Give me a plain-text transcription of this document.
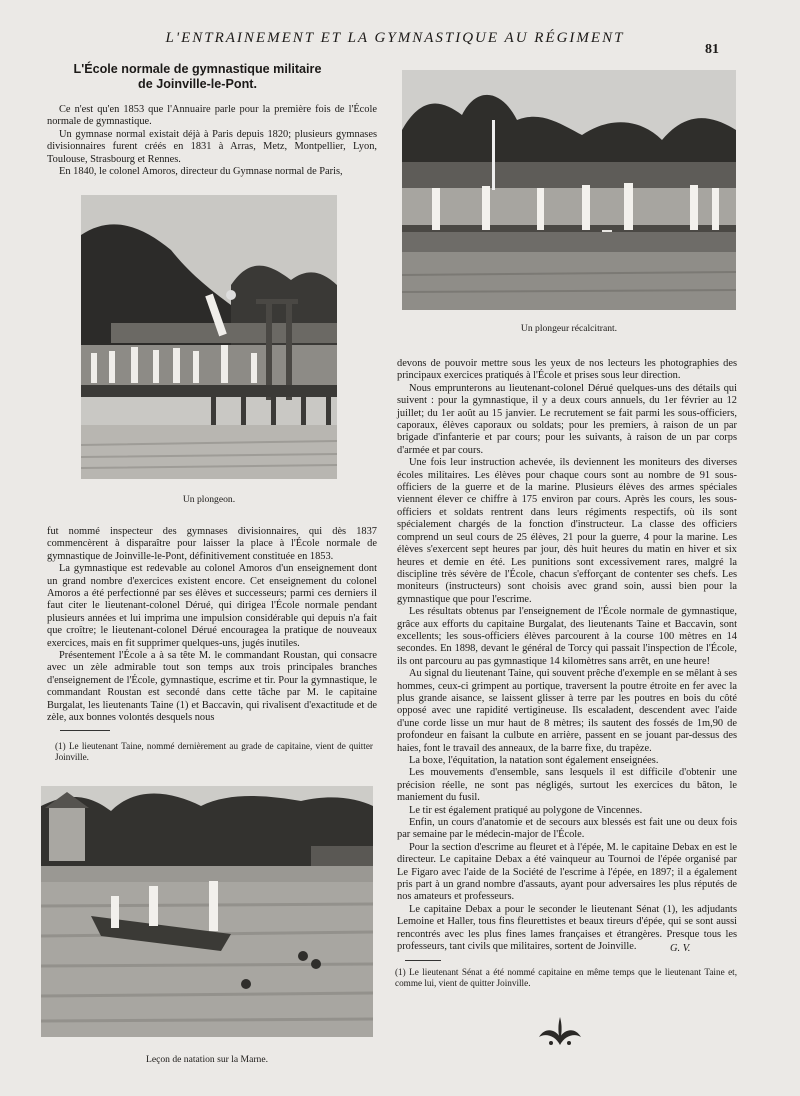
L'ENTRAINEMENT ET LA GYMNASTIQUE AU RÉGIMENT
81
L'École normale de gymnastique militaire
de Joinville-le-Pont.

Ce n'est qu'en 1853 que l'Annuaire parle pour la première fois de l'École normale de gymnastique.

Un gymnase normal existait déjà à Paris depuis 1820; plusieurs gymnases divisionnaires furent créés en 1831 à Arras, Metz, Montpellier, Lyon, Toulouse, Strasbourg et Rennes.

En 1840, le colonel Amoros, directeur du Gymnase normal de Paris,

Un plongeon.
Un plongeur récalcitrant.

fut nommé inspecteur des gymnases divisionnaires, qui dès 1837 commencèrent à disparaître pour laisser la place à l'École normale de gymnastique de Joinville-le-Pont, définitivement constituée en 1853.

La gymnastique est redevable au colonel Amoros d'un enseignement dont un grand nombre d'exercices existent encore. Cet enseignement du colonel Amoros a été perfectionné par ses élèves et successeurs; parmi ces derniers il faut citer le lieutenant-colonel Dérué, qui dirigea l'École normale pendant plusieurs années et lui imprima une impulsion considérable qui depuis n'a fait que croître; le lieutenant-colonel Dérué encouragea la pratique de nouveaux exercices, mais en fit supprimer quelques-uns, jugés inutiles.

Présentement l'École a à sa tête M. le commandant Roustan, qui consacre avec un zèle admirable tout son temps aux trois principales branches d'enseignement de l'École, gymnastique, escrime et tir. Pour la gymnastique, le commandant Roustan est secondé dans cette tâche par M. le capitaine Burgalat, les lieutenants Taine (1) et Baccavin, qui rivalisent d'exactitude et de zèle, aux bonnes volontés desquels nous

(1) Le lieutenant Taine, nommé dernièrement au grade de capitaine, vient de quitter Joinville.
Leçon de natation sur la Marne.

devons de pouvoir mettre sous les yeux de nos lecteurs les photographies des principaux exercices pratiqués à l'École et prises sous leur direction.

Nous emprunterons au lieutenant-colonel Dérué quelques-uns des détails qui suivent : pour la gymnastique, il y a deux cours annuels, du 1er février au 12 juillet; du 1er août au 15 janvier. Le recrutement se fait parmi les sous-officiers, caporaux, élèves caporaux ou soldats; pour les premiers, à raison de un par brigade d'infanterie et par cours; pour les suivants, à raison de un par corps d'armée et par cours.

Une fois leur instruction achevée, ils deviennent les moniteurs des diverses écoles militaires. Les élèves pour chaque cours sont au nombre de 91 sous-officiers de la guerre et de la marine. Plusieurs élèves des armes spéciales viennent élever ce chiffre à 175 environ par cours. Après les cours, les sous-officiers et soldats rentrent dans leurs régiments respectifs, où ils sont spécialement chargés de la fonction d'instructeur. La classe des officiers comprend un seul cours de 25 élèves, 21 pour la guerre, 4 pour la marine. Les élèves s'exercent sept heures par jour, dès huit heures du matin en hiver et six heures et demie en été. Les punitions sont excessivement rares, malgré la discipline très sévère de l'École, chacun s'efforçant de contenter ses chefs. Les moniteurs (instructeurs) sont choisis avec grand soin, aussi bien pour la gymnastique que pour l'escrime.

Les résultats obtenus par l'enseignement de l'École normale de gymnastique, grâce aux efforts du capitaine Burgalat, des lieutenants Taine et Baccavin, sont excellents; les sous-officiers élèves parcourent à la course 100 mètres en 14 secondes. En 1898, devant le général de Torcy qui passait l'inspection de l'École, ils ont parcouru au pas gymnastique 14 kilomètres sans arrêt, en une heure!

Au signal du lieutenant Taine, qui souvent prêche d'exemple en se mêlant à ses hommes, ceux-ci grimpent au portique, traversent la poutre étroite en fer avec la plus grande aisance, se laissent glisser à terre par les poutres en bois du côté opposé avec une rapidité vertigineuse. Ils escaladent, descendent avec l'aide d'une corde lisse un mur haut de 8 mètres; ils sautent des fossés de 1m,90 de profondeur en faisant la culbute en arrière, passent en se jouant par-dessus des haies, font le travail des anneaux, de la barre fixe, du trapèze.

La boxe, l'équitation, la natation sont également enseignées.

Les mouvements d'ensemble, sans lesquels il est difficile d'obtenir une précision réelle, ne sont pas négligés, surtout les exercices du bâton, le maniement du fusil.

Le tir est également pratiqué au polygone de Vincennes.

Enfin, un cours d'anatomie et de secours aux blessés est fait une ou deux fois par semaine par le médecin-major de l'École.

Pour la section d'escrime au fleuret et à l'épée, M. le capitaine Debax en est le directeur. Le capitaine Debax a été vainqueur au Tournoi de l'épée organisé par Le Figaro avec l'aide de la Société de l'escrime à l'épée, en 1897; il a également pris part à un grand nombre d'assauts, ayant pour adversaires les plus réputés de nos amateurs et professeurs.

Le capitaine Debax a pour le seconder le lieutenant Sénat (1), les adjudants Lemoine et Haller, tous fins fleurettistes et beaux tireurs d'épée, qui se sont aussi rencontrés avec les plus fines lames françaises et étrangères. Presque tous les professeurs, tant civils que militaires, sortent de Joinville.	G. V.
(1) Le lieutenant Sénat a été nommé capitaine en même temps que le lieutenant Taine et, comme lui, vient de quitter Joinville.
